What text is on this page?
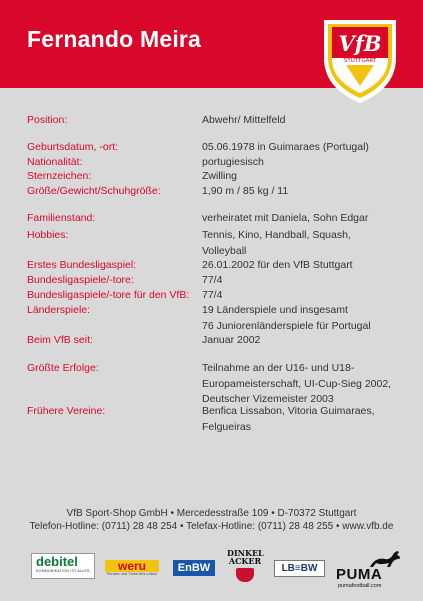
Fernando Meira	VfB
STUTTGART
Position:	Abwehr/ Mittelfeld
Geburtsdatum, -ort:	05.06.1978 in Guimaraes (Portugal)
Nationalität:	portugiesisch
Sternzeichen:	Zwilling
Größe/Gewicht/Schuhgröße:	1,90 m / 85 kg / 11
Familienstand:	verheiratet mit Daniela, Sohn Edgar
Hobbies:	Tennis, Kino, Handball, Squash,
Volleyball
Erstes Bundesligaspiel:	26.01.2002 für den VfB Stuttgart
Bundesligaspiele/-tore:	77/4
Bundesligaspiele/-tore für den VfB: 77/4
Länderspiele:	19 Länderspiele und insgesamt
76 Juniorenländerspiele für Portugal
Beim VfB seit:	Januar 2002
Größte Erfolge:	Teilnahme an der U16- und U18-
Europameisterschaft, UI-Cup-Sieg 2002,
Deutscher Vizemeister 2003
Frühere Vereine:	Benfica Lissabon, Vitoria Guimaraes,
Felgueiras
VfB Sport-Shop GmbH • Mercedesstraße 109 • D-70372 Stuttgart
Telefon-Hotline: (0711) 28 48 254 • Telefax-Hotline: (0711) 28 48 255 • www.vfb.de
debitel
KOMMUNIKATION IST ALLES	weru
Fenster und Türen fürs Leben	EnBW
DINKEL
ACKER
LB≡BW	PUMA
pumafootball.com
